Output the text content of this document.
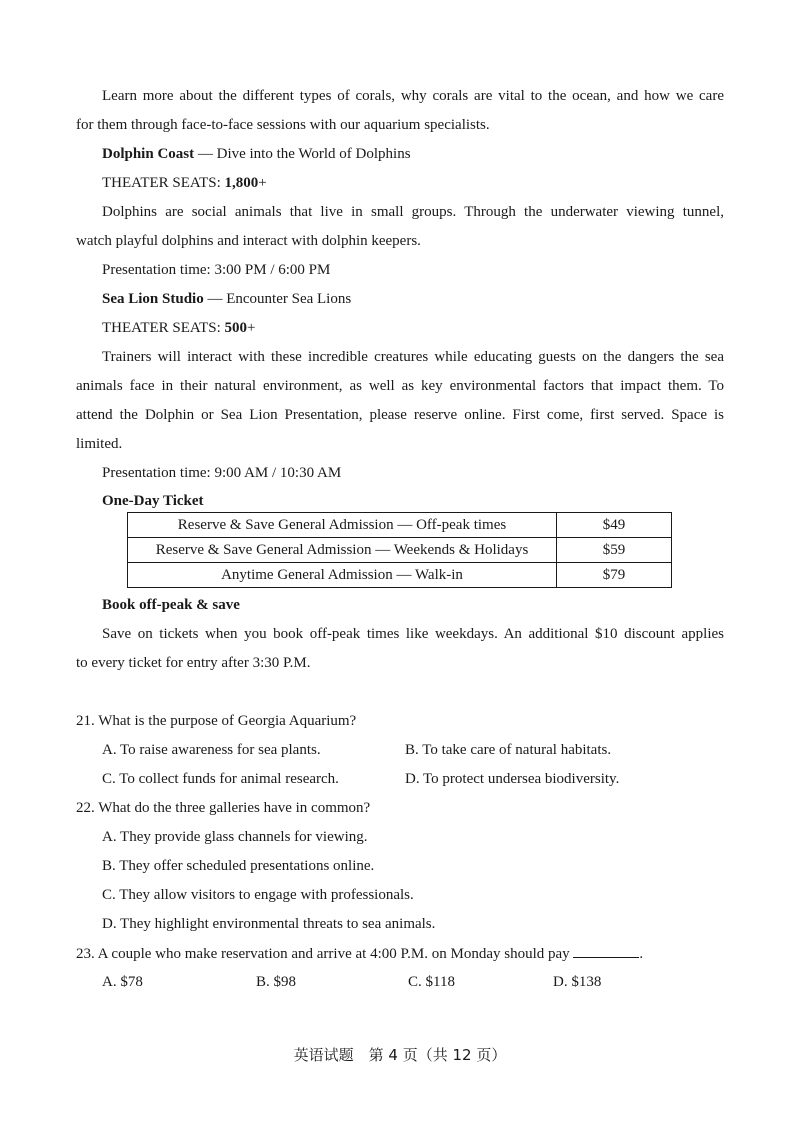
Learn more about the different types of corals, why corals are vital to the ocean, and how we care
for them through face-to-face sessions with our aquarium specialists.
Dolphin Coast — Dive into the World of Dolphins
THEATER SEATS: 1,800+
Dolphins are social animals that live in small groups. Through the underwater viewing tunnel,
watch playful dolphins and interact with dolphin keepers.
Presentation time: 3:00 PM / 6:00 PM
Sea Lion Studio — Encounter Sea Lions
THEATER SEATS: 500+
Trainers will interact with these incredible creatures while educating guests on the dangers the sea
animals face in their natural environment, as well as key environmental factors that impact them. To
attend the Dolphin or Sea Lion Presentation, please reserve online. First come, first served. Space is
limited.
Presentation time: 9:00 AM / 10:30 AM
One-Day Ticket
Reserve & Save General Admission — Off-peak times	$49
Reserve & Save General Admission — Weekends & Holidays	$59
Anytime General Admission — Walk-in	$79
Book off-peak & save
Save on tickets when you book off-peak times like weekdays. An additional $10 discount applies
to every ticket for entry after 3:30 P.M.
21. What is the purpose of Georgia Aquarium?
A. To raise awareness for sea plants.	B. To take care of natural habitats.
C. To collect funds for animal research.	D. To protect undersea biodiversity.
22. What do the three galleries have in common?
A. They provide glass channels for viewing.
B. They offer scheduled presentations online.
C. They allow visitors to engage with professionals.
D. They highlight environmental threats to sea animals.
23. A couple who make reservation and arrive at 4:00 P.M. on Monday should pay	.
A. $78	B. $98	C. $118	D. $138
英语试题　第 4 页（共 12 页）
